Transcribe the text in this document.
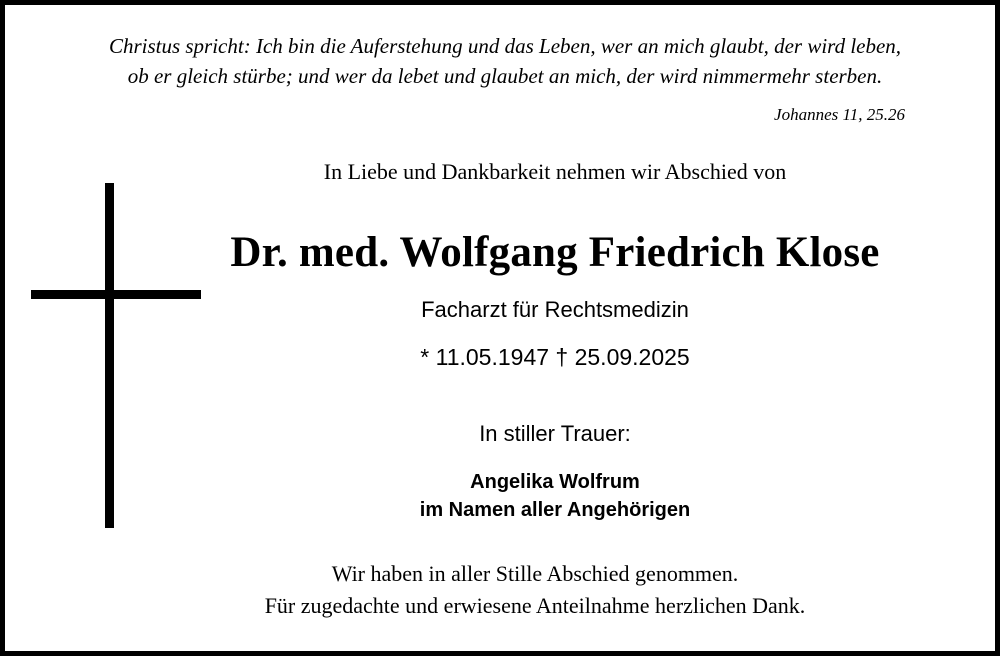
Christus spricht: Ich bin die Auferstehung und das Leben, wer an mich glaubt, der wird leben,
ob er gleich stürbe; und wer da lebet und glaubet an mich, der wird nimmermehr sterben.
Johannes 11, 25.26
In Liebe und Dankbarkeit nehmen wir Abschied von
Dr. med. Wolfgang Friedrich Klose
Facharzt für Rechtsmedizin
* 11.05.1947 † 25.09.2025
In stiller Trauer:
Angelika Wolfrum
im Namen aller Angehörigen
Wir haben in aller Stille Abschied genommen.
Für zugedachte und erwiesene Anteilnahme herzlichen Dank.
